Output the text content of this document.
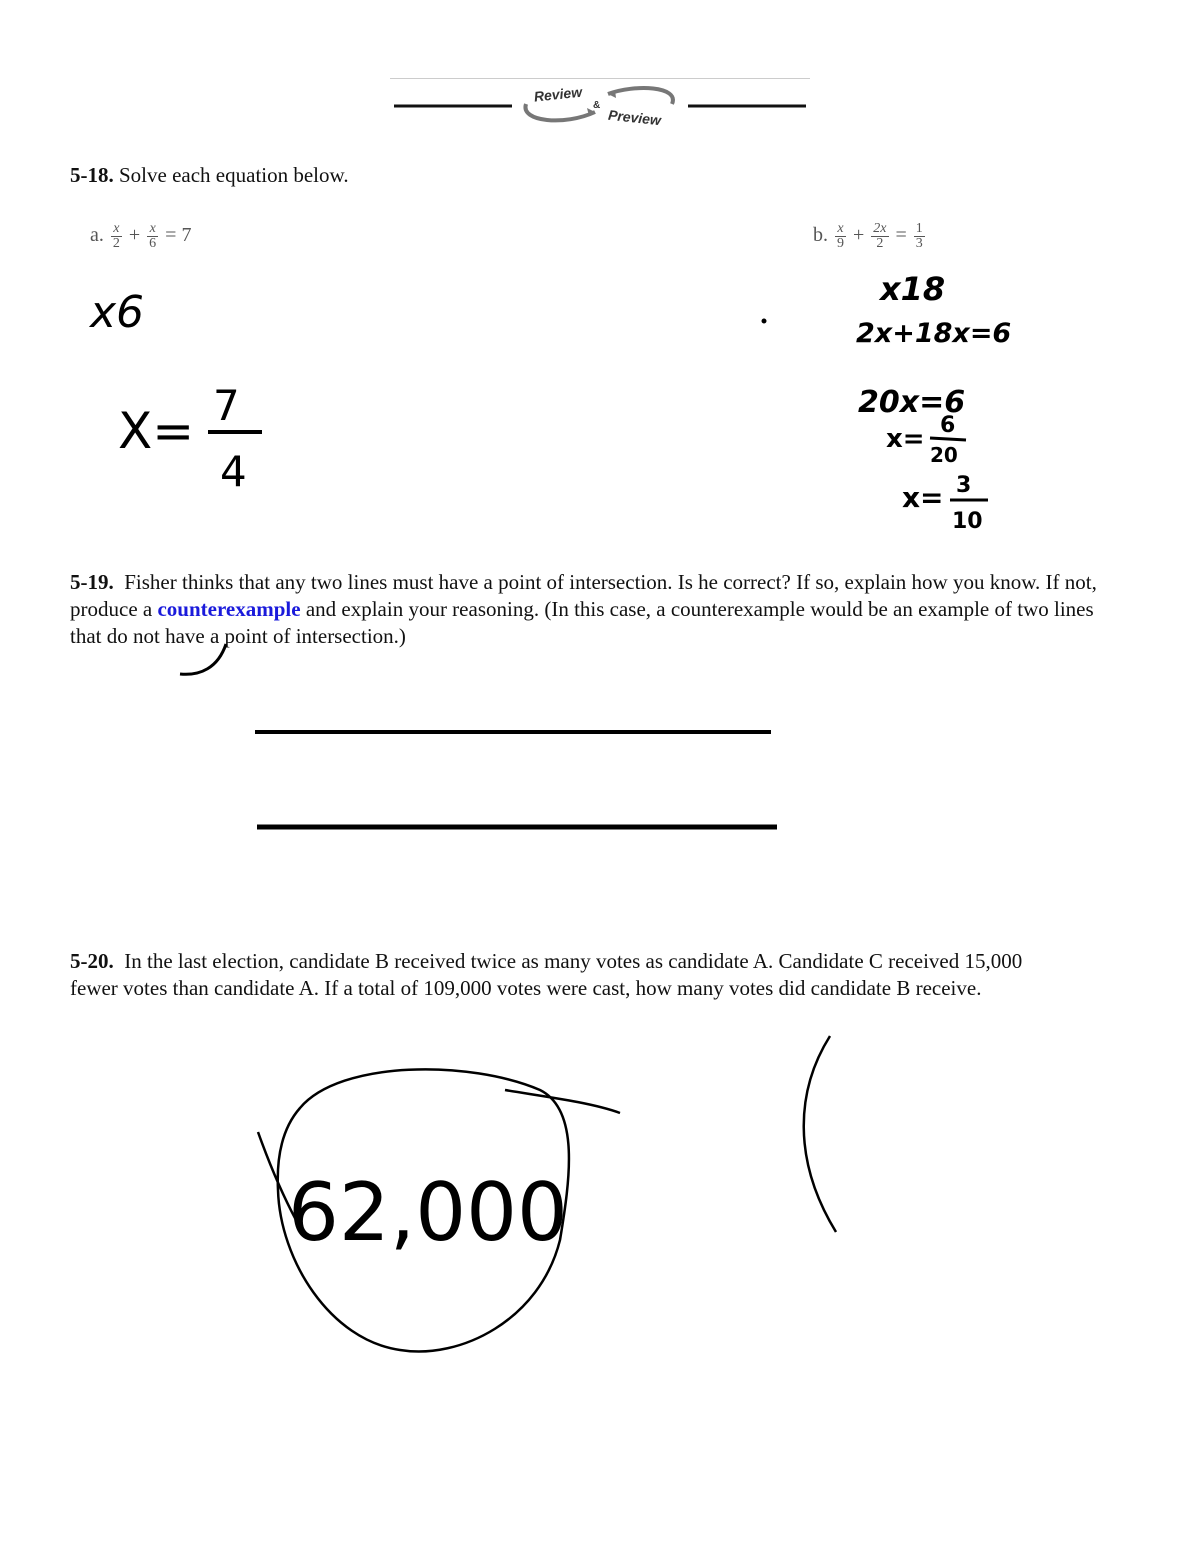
Review
&
Preview
5-18. Solve each equation below.
a. $\frac{x}{2} + \frac{x}{6} = 7$	b. $\frac{x}{9} + \frac{2x}{2} = \frac{1}{3}$
5-19. Fisher thinks that any two lines must have a point of intersection. Is he correct? If so, explain how you know. If not, produce a counterexample and explain your reasoning. (In this case, a counterexample would be an example of two lines that do not have a point of intersection.)
5-20. In the last election, candidate B received twice as many votes as candidate A. Candidate C received 15,000 fewer votes than candidate A. If a total of 109,000 votes were cast, how many votes did candidate B receive.
x6
X= 7
4
x18
2x+18x=6
20x=6
x= 6
20
x= 3
10
62,000
